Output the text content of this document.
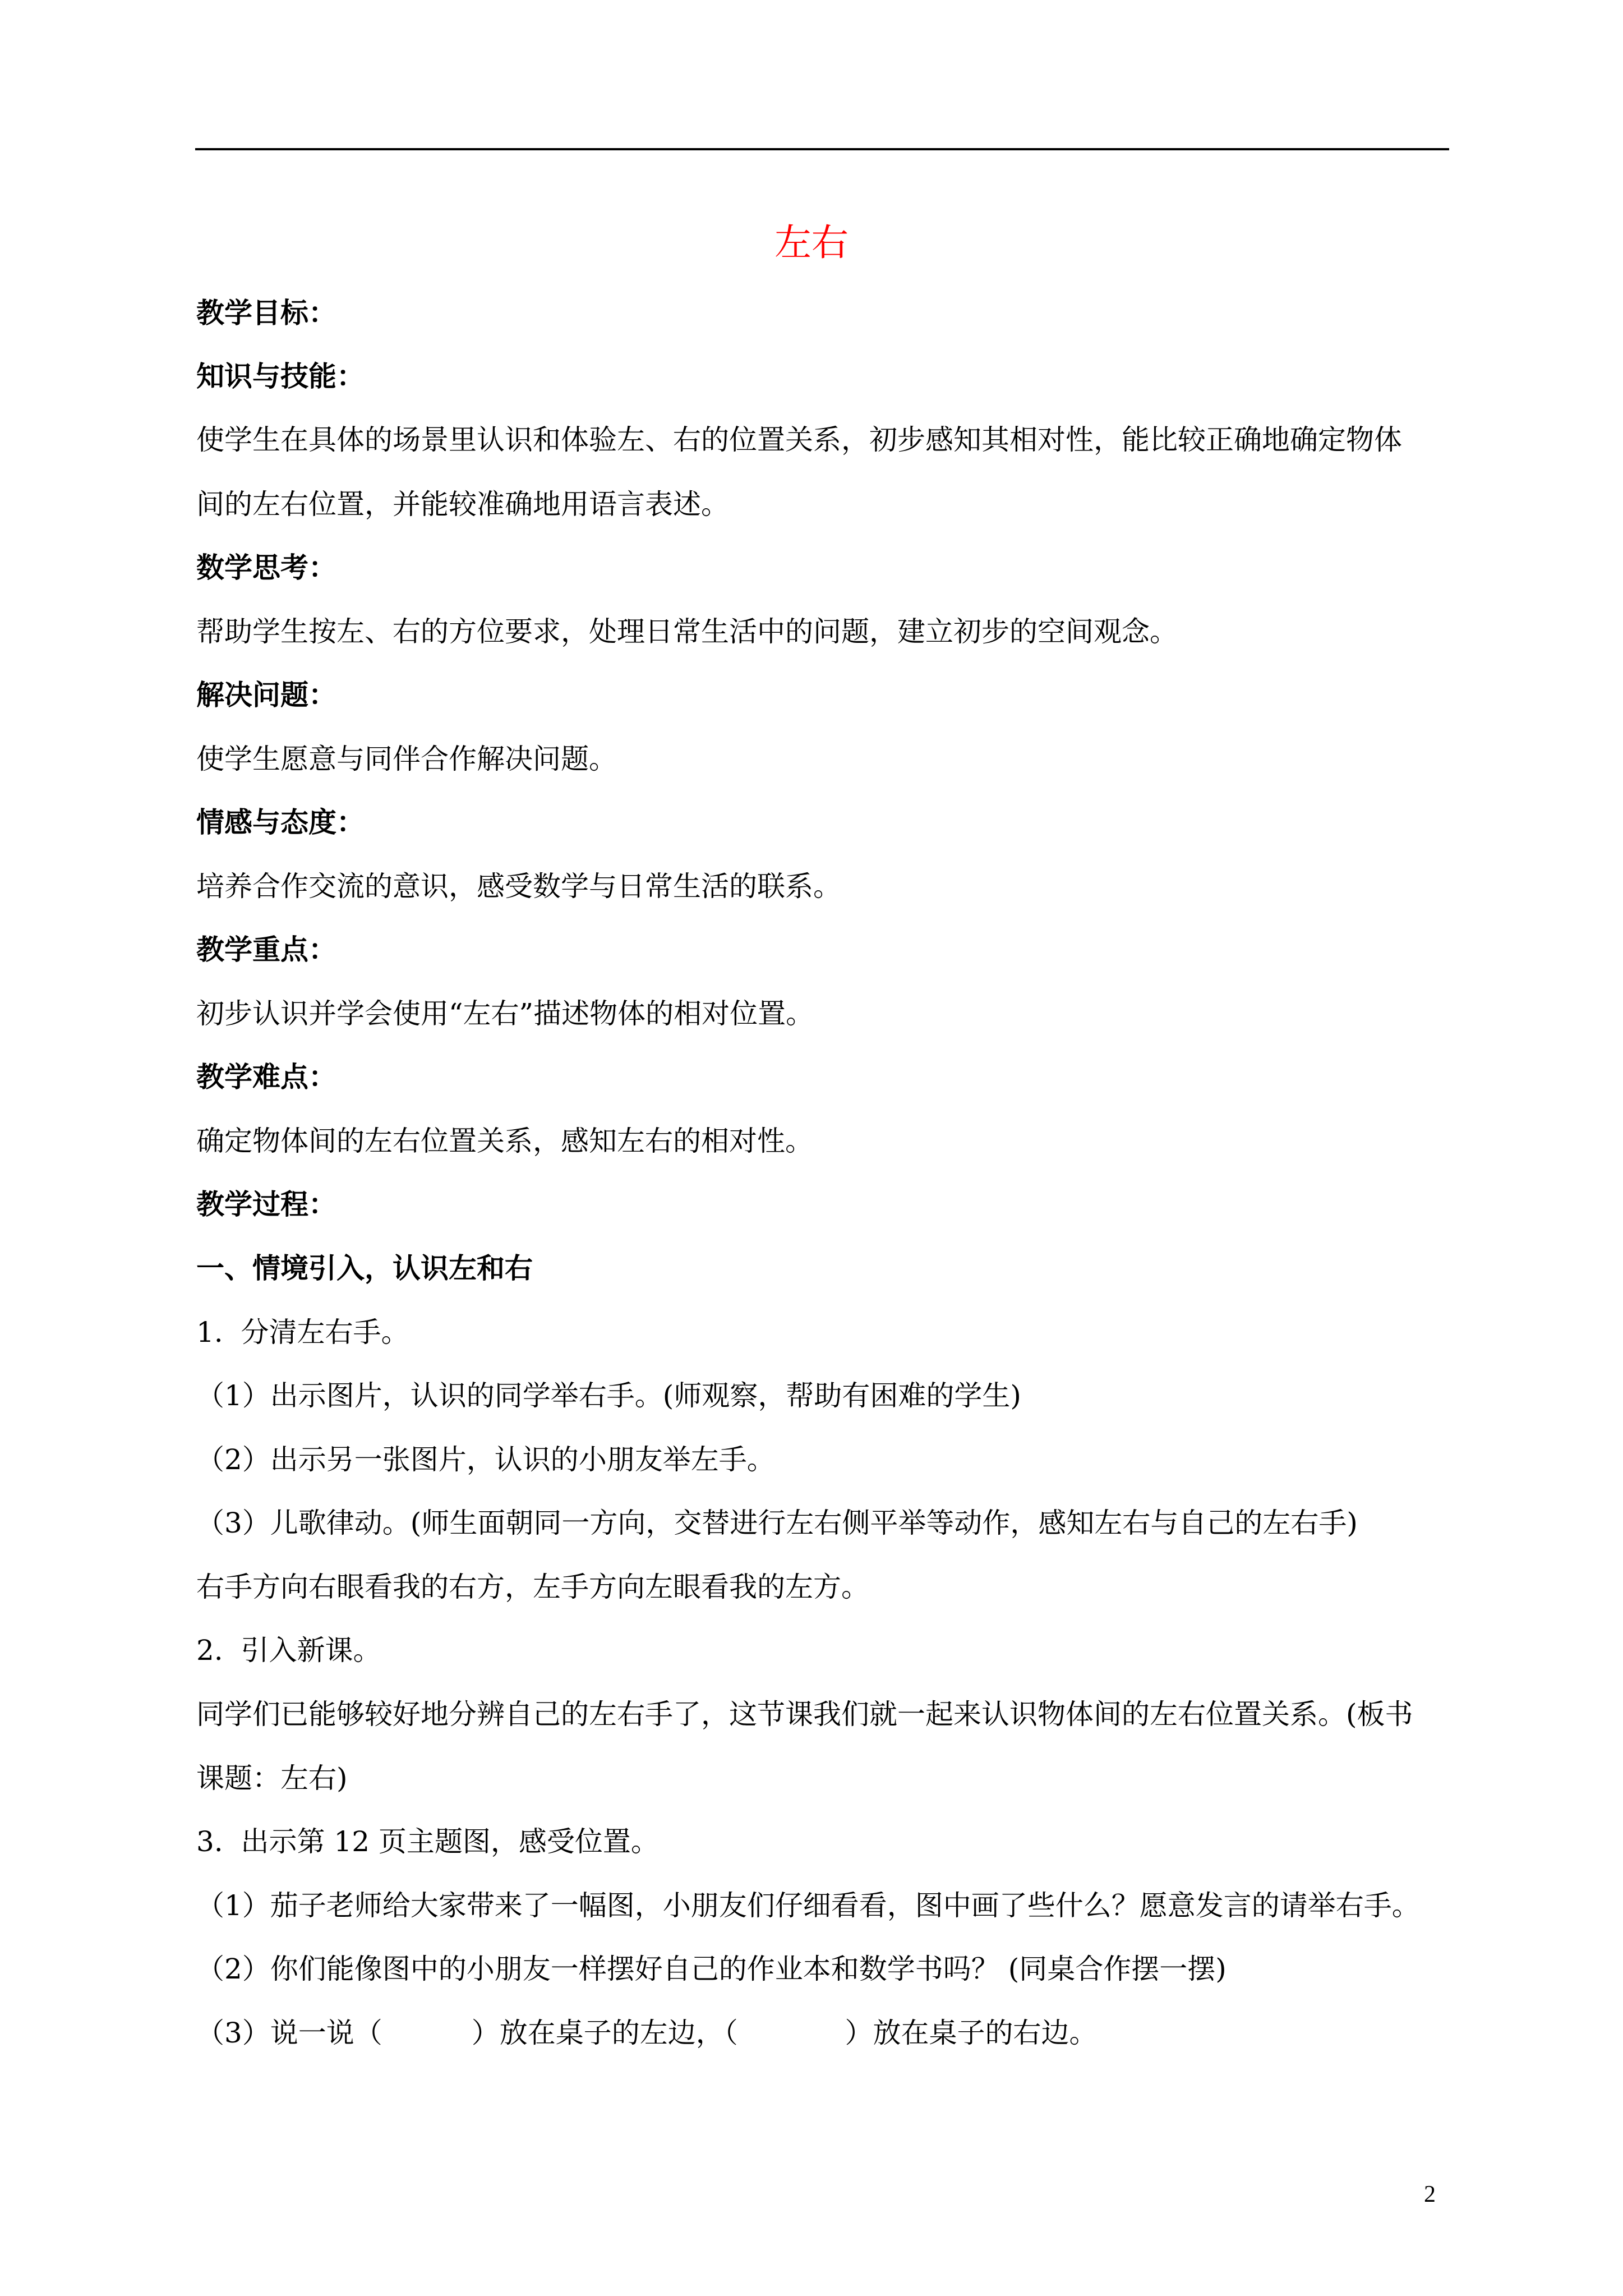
左右
教学目标：
知识与技能：
使学生在具体的场景里认识和体验左、右的位置关系，初步感知其相对性，能比较正确地确定物体
间的左右位置，并能较准确地用语言表述。
数学思考：
帮助学生按左、右的方位要求，处理日常生活中的问题，建立初步的空间观念。
解决问题：
使学生愿意与同伴合作解决问题。
情感与态度：
培养合作交流的意识，感受数学与日常生活的联系。
教学重点：
初步认识并学会使用“左右”描述物体的相对位置。
教学难点：
确定物体间的左右位置关系，感知左右的相对性。
教学过程：
一、情境引入，认识左和右
1.  分清左右手。
（1）出示图片，认识的同学举右手。(师观察，帮助有困难的学生)
（2）出示另一张图片，认识的小朋友举左手。
（3）儿歌律动。(师生面朝同一方向，交替进行左右侧平举等动作，感知左右与自己的左右手)
右手方向右眼看我的右方，左手方向左眼看我的左方。
2.  引入新课。
同学们已能够较好地分辨自己的左右手了，这节课我们就一起来认识物体间的左右位置关系。(板书
课题：左右)
3.  出示第 12 页主题图，感受位置。
（1）茄子老师给大家带来了一幅图，小朋友们仔细看看，图中画了些什么？愿意发言的请举右手。
（2）你们能像图中的小朋友一样摆好自己的作业本和数学书吗？ (同桌合作摆一摆)
（3）说一说（          ）放在桌子的左边，（            ）放在桌子的右边。
2
